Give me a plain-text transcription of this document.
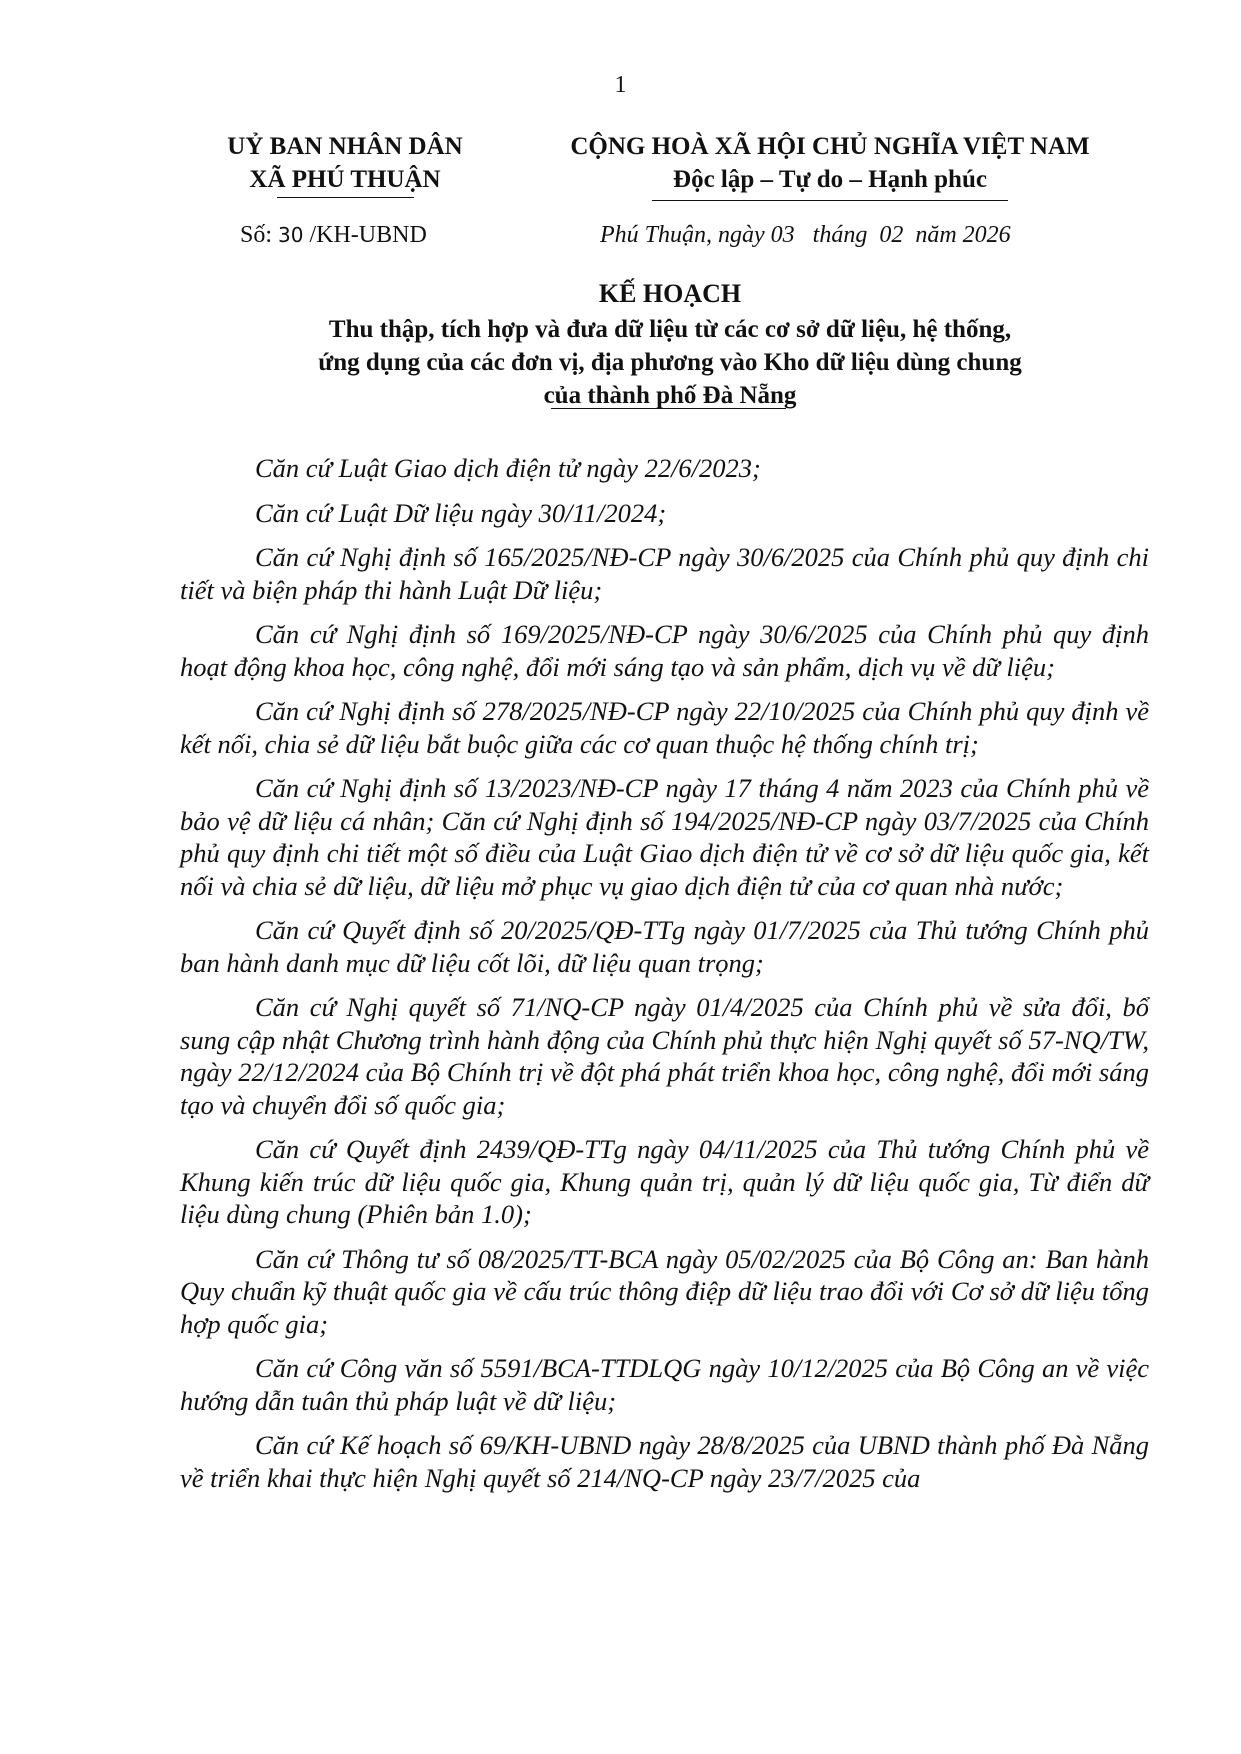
1
UỶ BAN NHÂN DÂN
XÃ PHÚ THUẬN
CỘNG HOÀ XÃ HỘI CHỦ NGHĨA VIỆT NAM
Độc lập – Tự do – Hạnh phúc
Số: 30 /KH-UBND	Phú Thuận, ngày 03   tháng  02  năm 2026
KẾ HOẠCH
Thu thập, tích hợp và đưa dữ liệu từ các cơ sở dữ liệu, hệ thống,
ứng dụng của các đơn vị, địa phương vào Kho dữ liệu dùng chung
của thành phố Đà Nẵng

Căn cứ Luật Giao dịch điện tử ngày 22/6/2023;

Căn cứ Luật Dữ liệu ngày 30/11/2024;

Căn cứ Nghị định số 165/2025/NĐ-CP ngày 30/6/2025 của Chính phủ quy định chi tiết và biện pháp thi hành Luật Dữ liệu;

Căn cứ Nghị định số 169/2025/NĐ-CP ngày 30/6/2025 của Chính phủ quy định hoạt động khoa học, công nghệ, đổi mới sáng tạo và sản phẩm, dịch vụ về dữ liệu;

Căn cứ Nghị định số 278/2025/NĐ-CP ngày 22/10/2025 của Chính phủ quy định về kết nối, chia sẻ dữ liệu bắt buộc giữa các cơ quan thuộc hệ thống chính trị;

Căn cứ Nghị định số 13/2023/NĐ-CP ngày 17 tháng 4 năm 2023 của Chính phủ về bảo vệ dữ liệu cá nhân; Căn cứ Nghị định số 194/2025/NĐ-CP ngày 03/7/2025 của Chính phủ quy định chi tiết một số điều của Luật Giao dịch điện tử về cơ sở dữ liệu quốc gia, kết nối và chia sẻ dữ liệu, dữ liệu mở phục vụ giao dịch điện tử của cơ quan nhà nước;

Căn cứ Quyết định số 20/2025/QĐ-TTg ngày 01/7/2025 của Thủ tướng Chính phủ ban hành danh mục dữ liệu cốt lõi, dữ liệu quan trọng;

Căn cứ Nghị quyết số 71/NQ-CP ngày 01/4/2025 của Chính phủ về sửa đổi, bổ sung cập nhật Chương trình hành động của Chính phủ thực hiện Nghị quyết số 57-NQ/TW, ngày 22/12/2024 của Bộ Chính trị về đột phá phát triển khoa học, công nghệ, đổi mới sáng tạo và chuyển đổi số quốc gia;

Căn cứ Quyết định 2439/QĐ-TTg ngày 04/11/2025 của Thủ tướng Chính phủ về Khung kiến trúc dữ liệu quốc gia, Khung quản trị, quản lý dữ liệu quốc gia, Từ điển dữ liệu dùng chung (Phiên bản 1.0);

Căn cứ Thông tư số 08/2025/TT-BCA ngày 05/02/2025 của Bộ Công an: Ban hành Quy chuẩn kỹ thuật quốc gia về cấu trúc thông điệp dữ liệu trao đổi với Cơ sở dữ liệu tổng hợp quốc gia;

Căn cứ Công văn số 5591/BCA-TTDLQG ngày 10/12/2025 của Bộ Công an về việc hướng dẫn tuân thủ pháp luật về dữ liệu;

Căn cứ Kế hoạch số 69/KH-UBND ngày 28/8/2025 của UBND thành phố Đà Nẵng về triển khai thực hiện Nghị quyết số 214/NQ-CP ngày 23/7/2025 của
